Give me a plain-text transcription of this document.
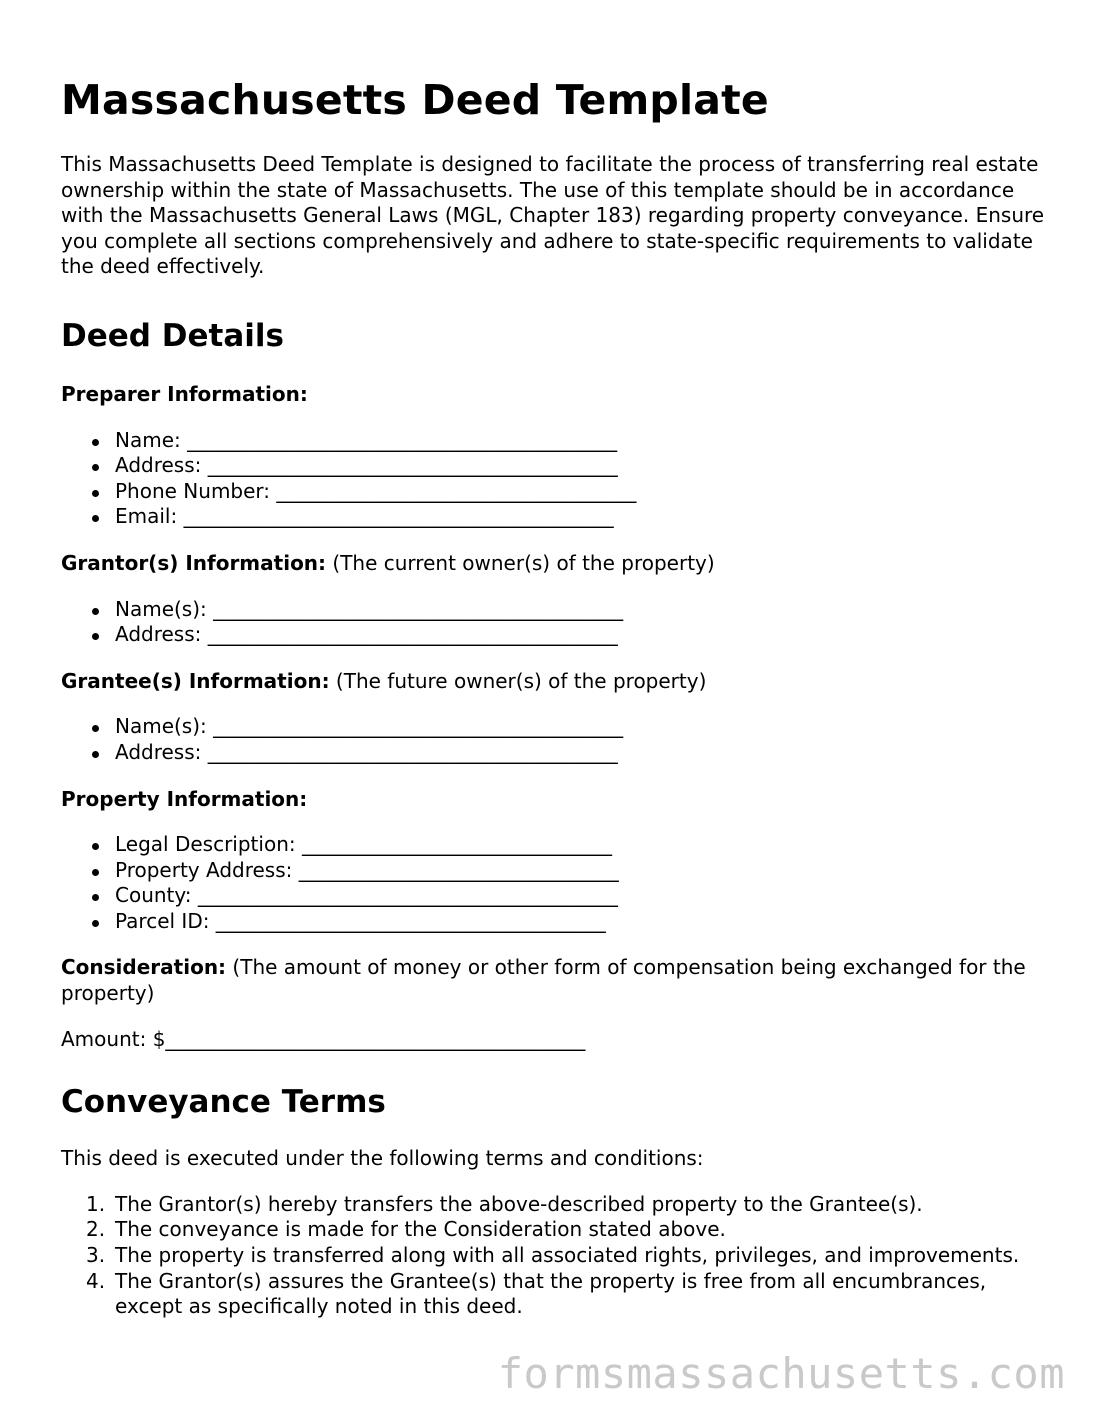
Massachusetts Deed Template

This Massachusetts Deed Template is designed to facilitate the process of transferring real estate ownership within the state of Massachusetts. The use of this template should be in accordance with the Massachusetts General Laws (MGL, Chapter 183) regarding property conveyance. Ensure you complete all sections comprehensively and adhere to state-specific requirements to validate the deed effectively.

Deed Details

Preparer Information:

Name: ___________________________________________
Address: _________________________________________
Phone Number: ____________________________________
Email: ___________________________________________

Grantor(s) Information: (The current owner(s) of the property)

Name(s): _________________________________________
Address: _________________________________________

Grantee(s) Information: (The future owner(s) of the property)

Name(s): _________________________________________
Address: _________________________________________

Property Information:

Legal Description: _______________________________
Property Address: ________________________________
County: __________________________________________
Parcel ID: _______________________________________

Consideration: (The amount of money or other form of compensation being exchanged for the property)

Amount: $__________________________________________

Conveyance Terms

This deed is executed under the following terms and conditions:

1. The Grantor(s) hereby transfers the above-described property to the Grantee(s).
2. The conveyance is made for the Consideration stated above.
3. The property is transferred along with all associated rights, privileges, and improvements.
4. The Grantor(s) assures the Grantee(s) that the property is free from all encumbrances, except as specifically noted in this deed.
formsmassachusetts.com
